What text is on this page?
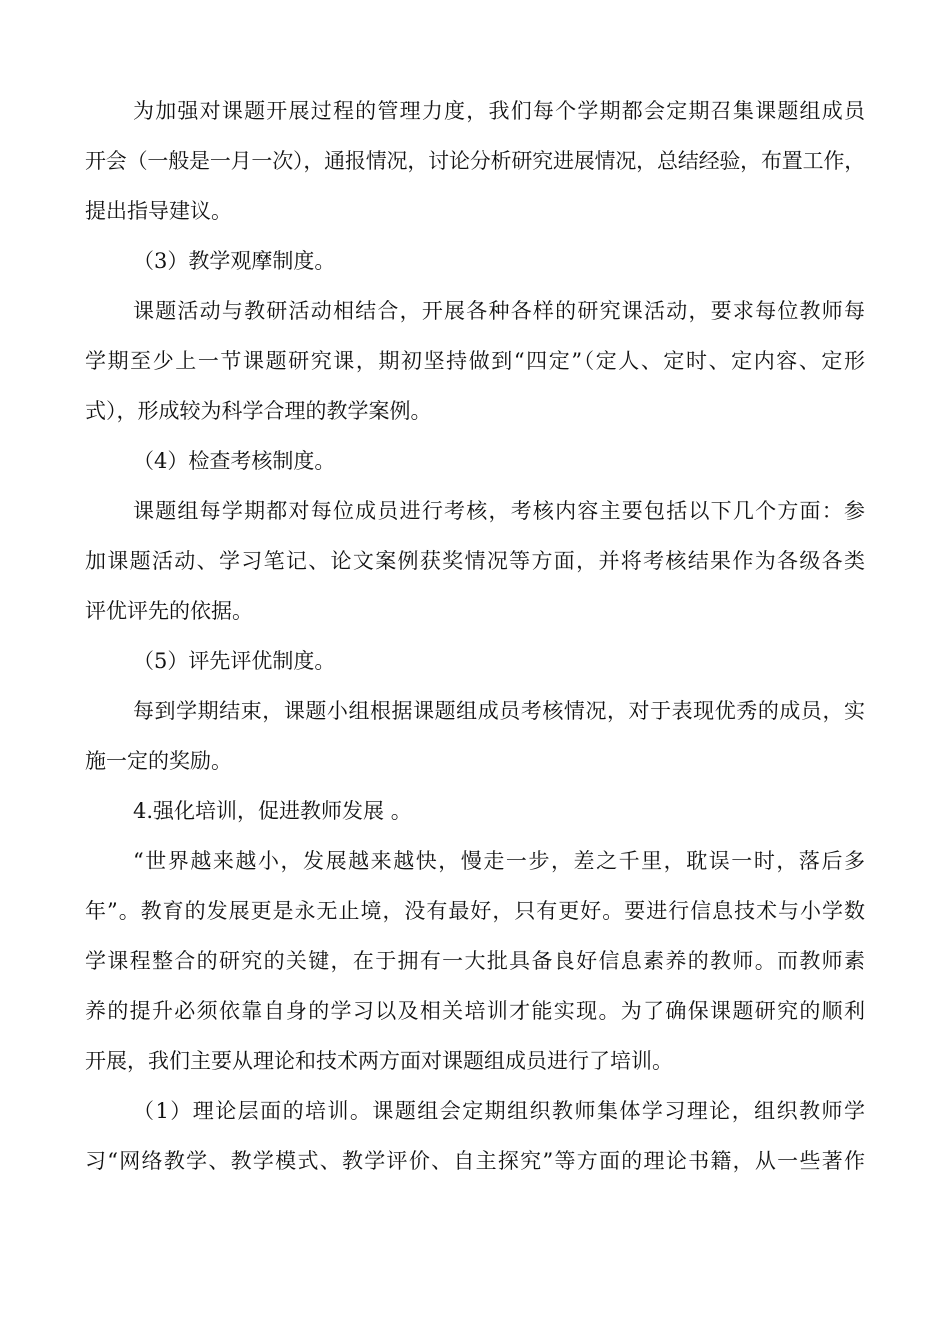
为加强对课题开展过程的管理力度，我们每个学期都会定期召集课题组成员
开会（一般是一月一次），通报情况，讨论分析研究进展情况，总结经验，布置工作，
提出指导建议。
（3）教学观摩制度。
课题活动与教研活动相结合，开展各种各样的研究课活动，要求每位教师每
学期至少上一节课题研究课，期初坚持做到“四定”（定人、定时、定内容、定形
式），形成较为科学合理的教学案例。
（4）检查考核制度。
课题组每学期都对每位成员进行考核，考核内容主要包括以下几个方面：参
加课题活动、学习笔记、论文案例获奖情况等方面，并将考核结果作为各级各类
评优评先的依据。
（5）评先评优制度。
每到学期结束，课题小组根据课题组成员考核情况，对于表现优秀的成员，实
施一定的奖励。
4.强化培训，促进教师发展 。
“世界越来越小，发展越来越快，慢走一步，差之千里，耽误一时，落后多
年”。教育的发展更是永无止境，没有最好，只有更好。要进行信息技术与小学数
学课程整合的研究的关键，在于拥有一大批具备良好信息素养的教师。而教师素
养的提升必须依靠自身的学习以及相关培训才能实现。为了确保课题研究的顺利
开展，我们主要从理论和技术两方面对课题组成员进行了培训。
（1）理论层面的培训。课题组会定期组织教师集体学习理论，组织教师学
习“网络教学、教学模式、教学评价、自主探究”等方面的理论书籍，从一些著作
